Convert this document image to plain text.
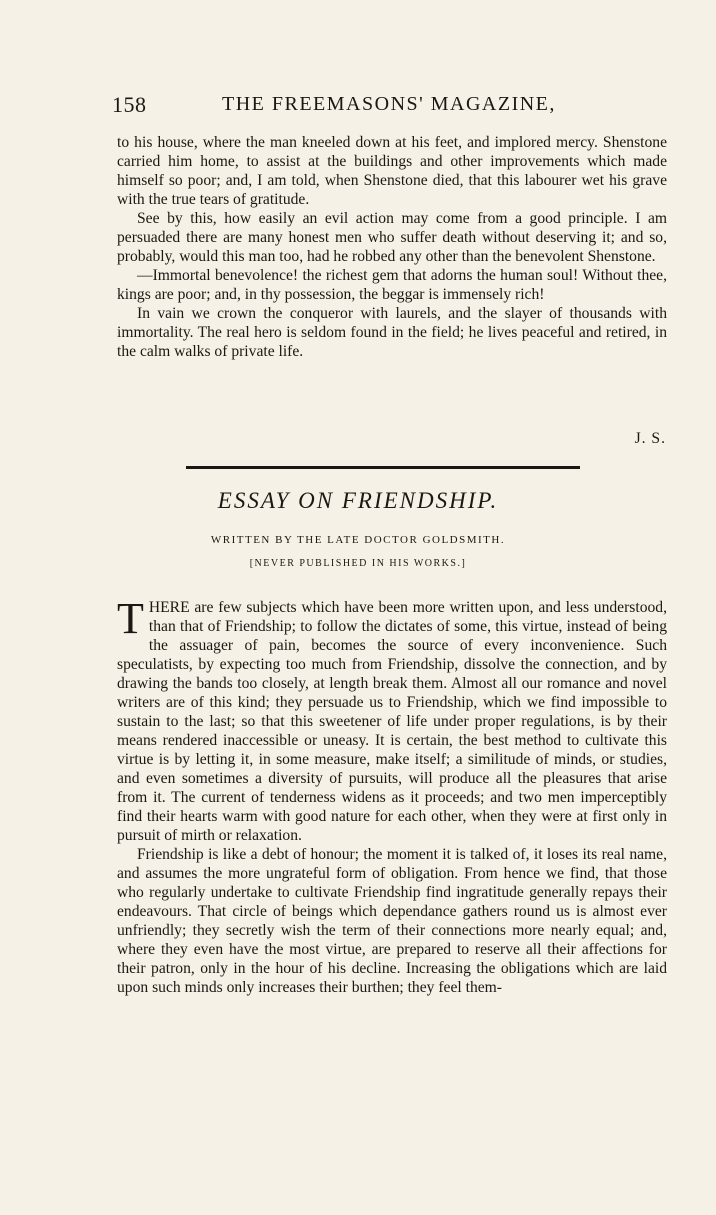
158	THE FREEMASONS' MAGAZINE,

to his house, where the man kneeled down at his feet, and implored mercy. Shenstone carried him home, to assist at the buildings and other improvements which made himself so poor; and, I am told, when Shenstone died, that this labourer wet his grave with the true tears of gratitude.

See by this, how easily an evil action may come from a good principle. I am persuaded there are many honest men who suffer death without deserving it; and so, probably, would this man too, had he robbed any other than the benevolent Shenstone.

—Immortal benevolence! the richest gem that adorns the human soul! Without thee, kings are poor; and, in thy possession, the beggar is immensely rich!

In vain we crown the conqueror with laurels, and the slayer of thousands with immortality. The real hero is seldom found in the field; he lives peaceful and retired, in the calm walks of private life.

J. S.
ESSAY ON FRIENDSHIP.
WRITTEN BY THE LATE DOCTOR GOLDSMITH.
[NEVER PUBLISHED IN HIS WORKS.]

THERE are few subjects which have been more written upon, and less understood, than that of Friendship; to follow the dictates of some, this virtue, instead of being the assuager of pain, becomes the source of every inconvenience. Such speculatists, by expecting too much from Friendship, dissolve the connection, and by drawing the bands too closely, at length break them. Almost all our romance and novel writers are of this kind; they persuade us to Friendship, which we find impossible to sustain to the last; so that this sweetener of life under proper regulations, is by their means rendered inaccessible or uneasy. It is certain, the best method to cultivate this virtue is by letting it, in some measure, make itself; a similitude of minds, or studies, and even sometimes a diversity of pursuits, will produce all the pleasures that arise from it. The current of tenderness widens as it proceeds; and two men imperceptibly find their hearts warm with good nature for each other, when they were at first only in pursuit of mirth or relaxation.

Friendship is like a debt of honour; the moment it is talked of, it loses its real name, and assumes the more ungrateful form of obligation. From hence we find, that those who regularly undertake to cultivate Friendship find ingratitude generally repays their endeavours. That circle of beings which dependance gathers round us is almost ever unfriendly; they secretly wish the term of their connections more nearly equal; and, where they even have the most virtue, are prepared to reserve all their affections for their patron, only in the hour of his decline. Increasing the obligations which are laid upon such minds only increases their burthen; they feel them-
